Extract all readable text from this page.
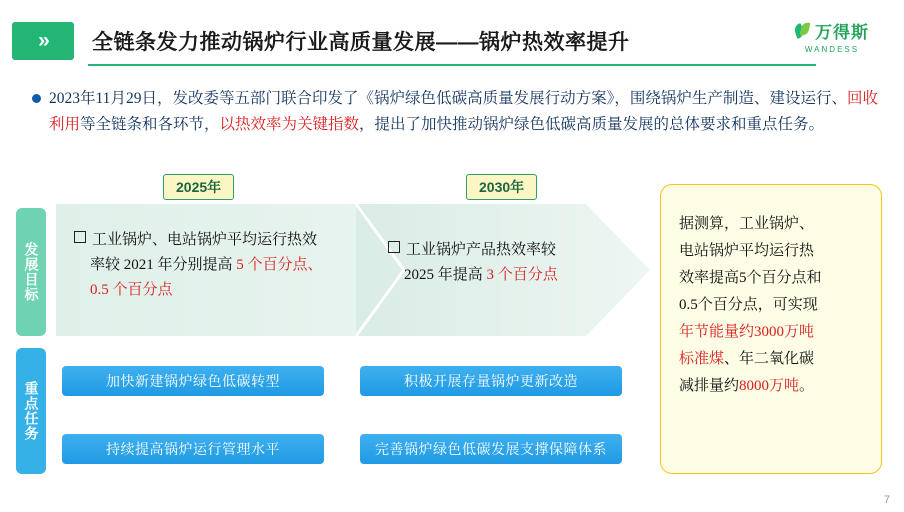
»	全链条发力推动锅炉行业高质量发展——锅炉热效率提升	万得斯
WANDESS
2023年11月29日，发改委等五部门联合印发了《锅炉绿色低碳高质量发展行动方案》，围绕锅炉生产制造、建设运行、回收利用等全链条和各环节，以热效率为关键指数，提出了加快推动锅炉绿色低碳高质量发展的总体要求和重点任务。
发展目标
重点任务
2025年	2030年
工业锅炉、电站锅炉平均运行热效
率较 2021 年分别提高 5 个百分点、
0.5 个百分点
工业锅炉产品热效率较
2025 年提高 3 个百分点
加快新建锅炉绿色低碳转型	积极开展存量锅炉更新改造
持续提高锅炉运行管理水平	完善锅炉绿色低碳发展支撑保障体系
据测算，工业锅炉、
电站锅炉平均运行热
效率提高5个百分点和
0.5个百分点，可实现
年节能量约3000万吨
标准煤、年二氧化碳
减排量约8000万吨。
7
